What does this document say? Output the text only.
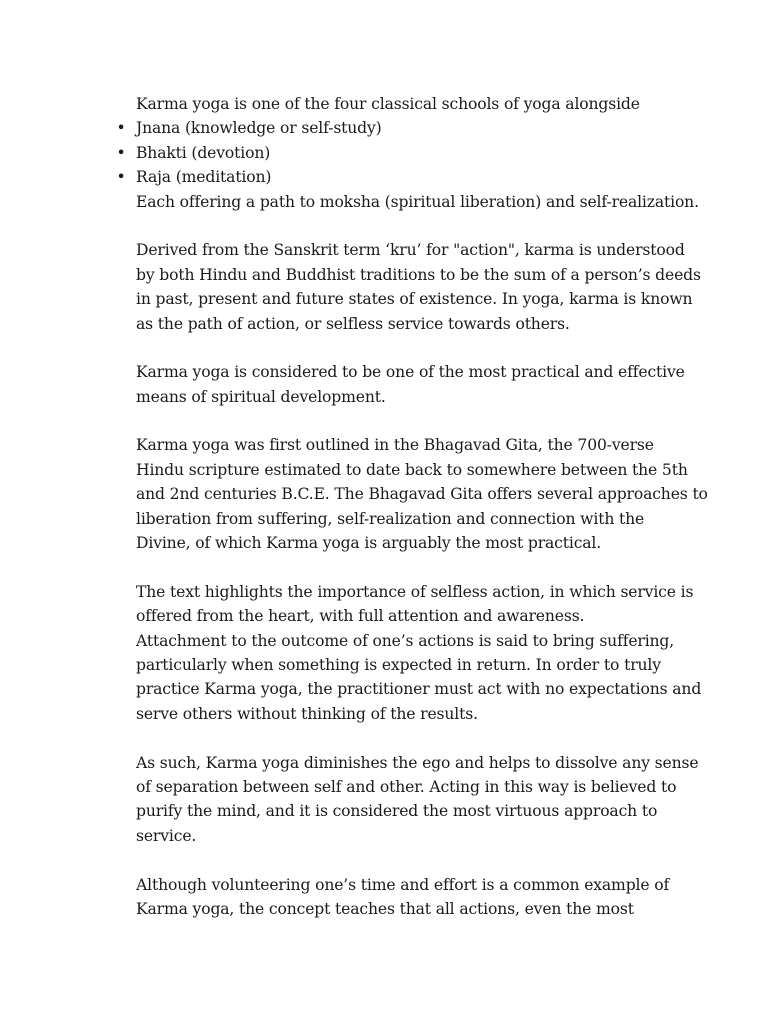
Karma yoga is one of the four classical schools of yoga alongside
• Jnana (knowledge or self-study)
• Bhakti (devotion)
• Raja (meditation)
Each offering a path to moksha (spiritual liberation) and self-realization.
Derived from the Sanskrit term ‘kru’ for "action", karma is understood
by both Hindu and Buddhist traditions to be the sum of a person’s deeds
in past, present and future states of existence. In yoga, karma is known
as the path of action, or selfless service towards others.
Karma yoga is considered to be one of the most practical and effective
means of spiritual development.
Karma yoga was first outlined in the Bhagavad Gita, the 700-verse
Hindu scripture estimated to date back to somewhere between the 5th
and 2nd centuries B.C.E. The Bhagavad Gita offers several approaches to
liberation from suffering, self-realization and connection with the
Divine, of which Karma yoga is arguably the most practical.
The text highlights the importance of selfless action, in which service is
offered from the heart, with full attention and awareness.
Attachment to the outcome of one’s actions is said to bring suffering,
particularly when something is expected in return. In order to truly
practice Karma yoga, the practitioner must act with no expectations and
serve others without thinking of the results.
As such, Karma yoga diminishes the ego and helps to dissolve any sense
of separation between self and other. Acting in this way is believed to
purify the mind, and it is considered the most virtuous approach to
service.
Although volunteering one’s time and effort is a common example of
Karma yoga, the concept teaches that all actions, even the most
